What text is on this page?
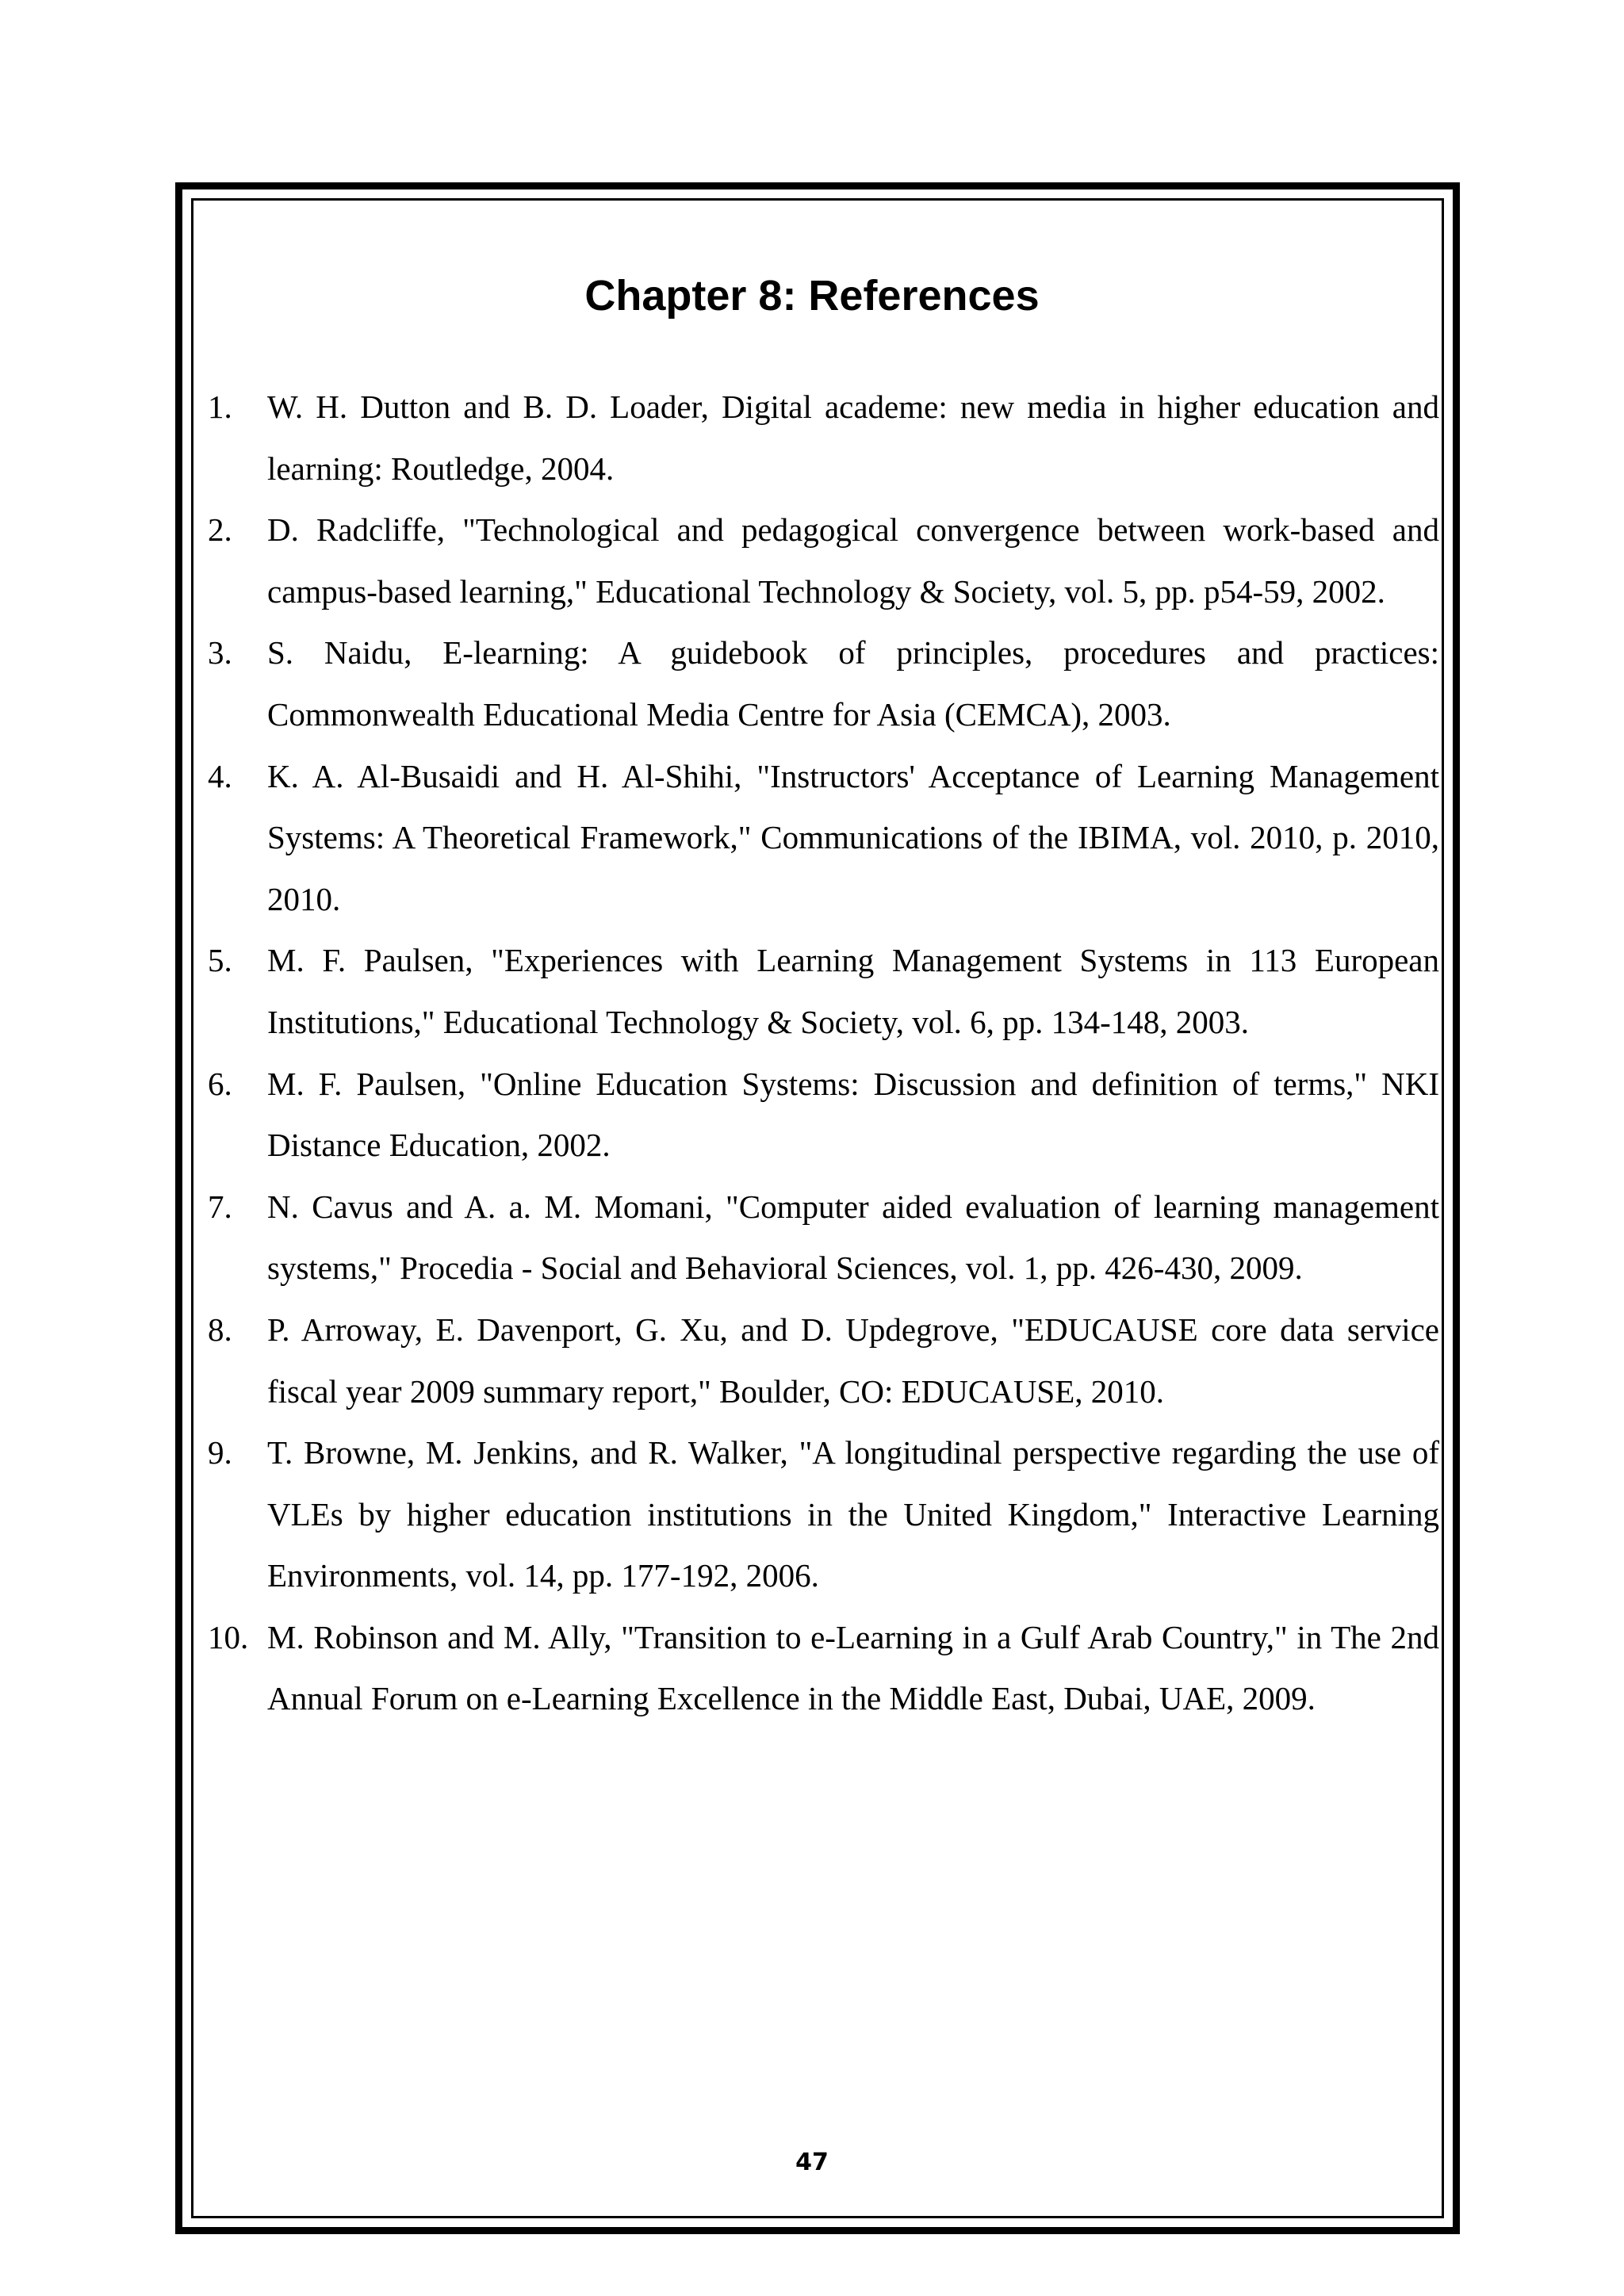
Chapter 8: References
1. W. H. Dutton and B. D. Loader, Digital academe: new media in higher education and learning: Routledge, 2004.
2. D. Radcliffe, "Technological and pedagogical convergence between work-based and campus-based learning," Educational Technology & Society, vol. 5, pp. p54-59, 2002.
3. S. Naidu, E-learning: A guidebook of principles, procedures and practices: Commonwealth Educational Media Centre for Asia (CEMCA), 2003.
4. K. A. Al-Busaidi and H. Al-Shihi, "Instructors' Acceptance of Learning Management Systems: A Theoretical Framework," Communications of the IBIMA, vol. 2010, p. 2010, 2010.
5. M. F. Paulsen, "Experiences with Learning Management Systems in 113 European Institutions," Educational Technology & Society, vol. 6, pp. 134-148, 2003.
6. M. F. Paulsen, "Online Education Systems: Discussion and definition of terms," NKI Distance Education, 2002.
7. N. Cavus and A. a. M. Momani, "Computer aided evaluation of learning management systems," Procedia - Social and Behavioral Sciences, vol. 1, pp. 426-430, 2009.
8. P. Arroway, E. Davenport, G. Xu, and D. Updegrove, "EDUCAUSE core data service fiscal year 2009 summary report," Boulder, CO: EDUCAUSE, 2010.
9. T. Browne, M. Jenkins, and R. Walker, "A longitudinal perspective regarding the use of VLEs by higher education institutions in the United Kingdom," Interactive Learning Environments, vol. 14, pp. 177-192, 2006.
10. M. Robinson and M. Ally, "Transition to e-Learning in a Gulf Arab Country," in The 2nd Annual Forum on e-Learning Excellence in the Middle East, Dubai, UAE, 2009.
47
